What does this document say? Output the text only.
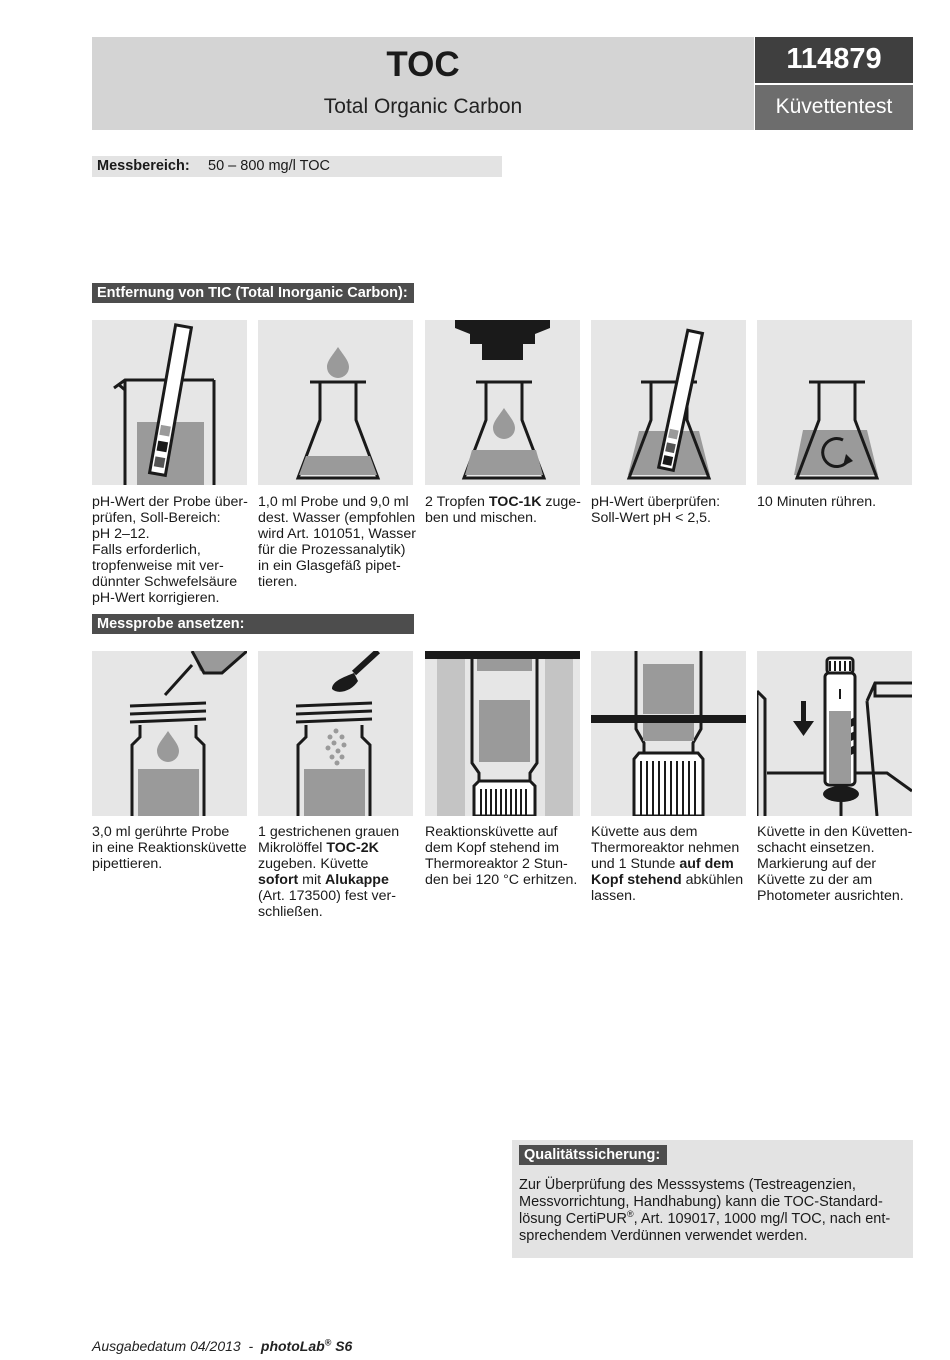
TOC
Total Organic Carbon
114879
Küvettentest
Messbereich: 50 – 800 mg/l TOC
Entfernung von TIC (Total Inorganic Carbon):
pH-Wert der Probe über-
prüfen, Soll-Bereich:
pH 2–12.
Falls erforderlich,
tropfenweise mit ver-
dünnter Schwefelsäure
pH-Wert korrigieren.
1,0 ml Probe und 9,0 ml
dest. Wasser (empfohlen
wird Art. 101051, Wasser
für die Prozessanalytik)
in ein Glasgefäß pipet-
tieren.
2 Tropfen TOC-1K zuge-
ben und mischen.
pH-Wert überprüfen:
Soll-Wert pH < 2,5.
10 Minuten rühren.
Messprobe ansetzen:
3,0 ml gerührte Probe
in eine Reaktionsküvette
pipettieren.
1 gestrichenen grauen
Mikrolöffel TOC-2K
zugeben. Küvette
sofort mit Alukappe
(Art. 173500) fest ver-
schließen.
Reaktionsküvette auf
dem Kopf stehend im
Thermoreaktor 2 Stun-
den bei 120 °C erhitzen.
Küvette aus dem
Thermoreaktor nehmen
und 1 Stunde auf dem
Kopf stehend abkühlen
lassen.
Küvette in den Küvetten-
schacht einsetzen.
Markierung auf der
Küvette zu der am
Photometer ausrichten.
Qualitätssicherung:
Zur Überprüfung des Messsystems (Testreagenzien,
Messvorrichtung, Handhabung) kann die TOC-Standard-
lösung CertiPUR®, Art. 109017, 1000 mg/l TOC, nach ent-
sprechendem Verdünnen verwendet werden.
Ausgabedatum 04/2013  -  photoLab® S6
